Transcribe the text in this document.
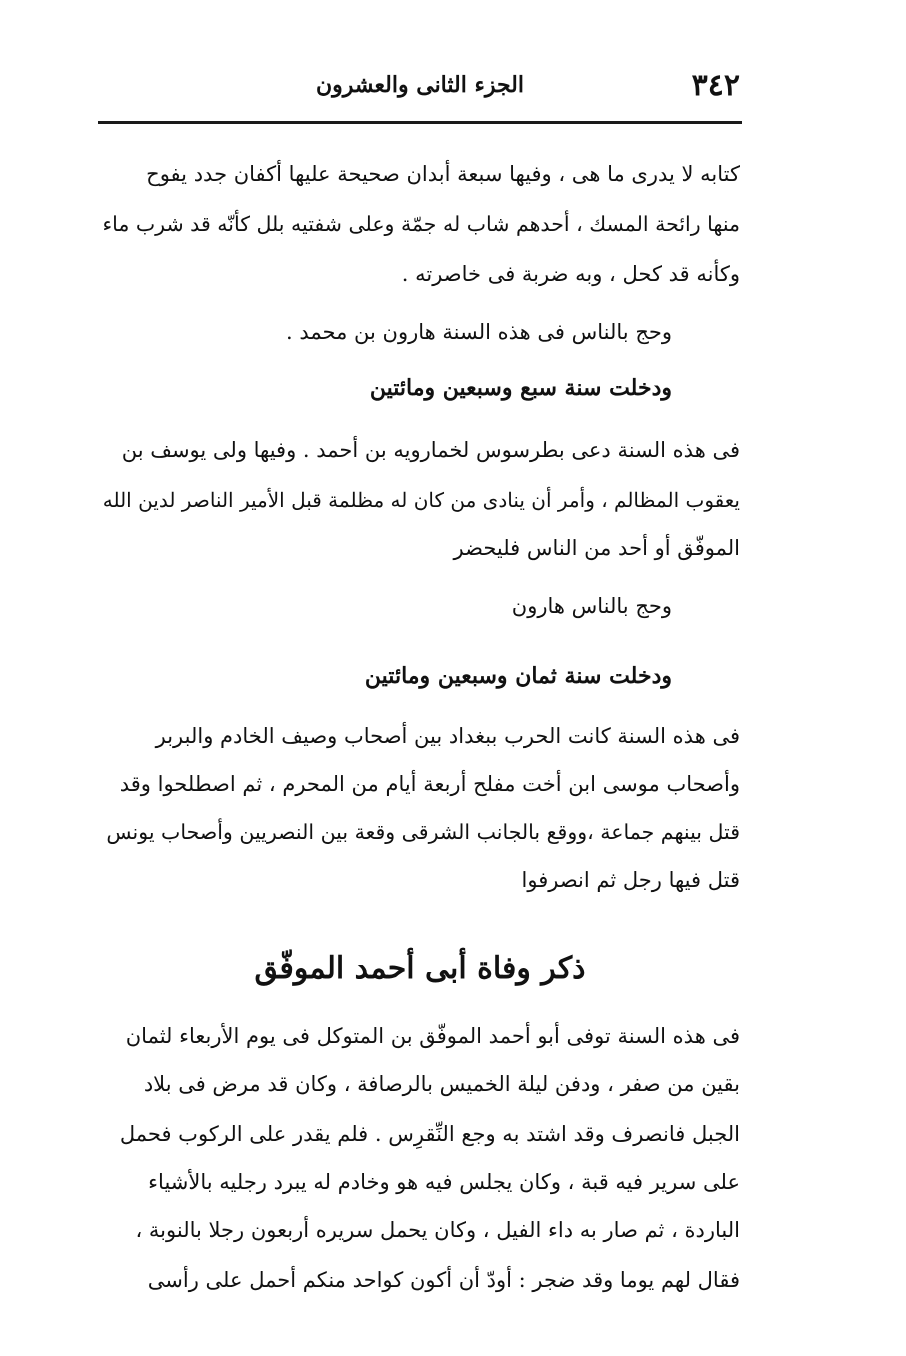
٣٤٢
الجزء الثانى والعشرون
كتابه لا يدرى ما هى ، وفيها سبعة أبدان صحيحة عليها أكفان جدد يفوح
منها رائحة المسك ، أحدهم شاب له جمّة وعلى شفتيه بلل كأنّه قد شرب ماء
وكأنه قد كحل ، وبه ضربة فى خاصرته .
وحج بالناس فى هذه السنة هارون بن محمد .
ودخلت سنة سبع وسبعين ومائتين
فى هذه السنة دعى بطرسوس لخمارويه بن أحمد . وفيها ولى يوسف بن
يعقوب المظالم ، وأمر أن ينادى من كان له مظلمة قبل الأمير الناصر لدين الله
الموفّق أو أحد من الناس فليحضر
وحج بالناس هارون
ودخلت سنة ثمان وسبعين ومائتين
فى هذه السنة كانت الحرب ببغداد بين أصحاب وصيف الخادم والبربر
وأصحاب موسى ابن أخت مفلح أربعة أيام من المحرم ، ثم اصطلحوا وقد
قتل بينهم جماعة ،ووقع بالجانب الشرقى وقعة بين النصريين وأصحاب يونس
قتل فيها رجل ثم انصرفوا
ذكر وفاة أبى أحمد الموفّق
فى هذه السنة توفى أبو أحمد الموفّق بن المتوكل فى يوم الأربعاء لثمان
بقين من صفر ، ودفن ليلة الخميس بالرصافة ، وكان قد مرض فى بلاد
الجبل فانصرف وقد اشتد به وجع النِّقرِس . فلم يقدر على الركوب فحمل
على سرير فيه قبة ، وكان يجلس فيه هو وخادم له يبرد رجليه بالأشياء
الباردة ، ثم صار به داء الفيل ، وكان يحمل سريره أربعون رجلا بالنوبة ،
فقال لهم يوما وقد ضجر : أودّ أن أكون كواحد منكم أحمل على رأسى
